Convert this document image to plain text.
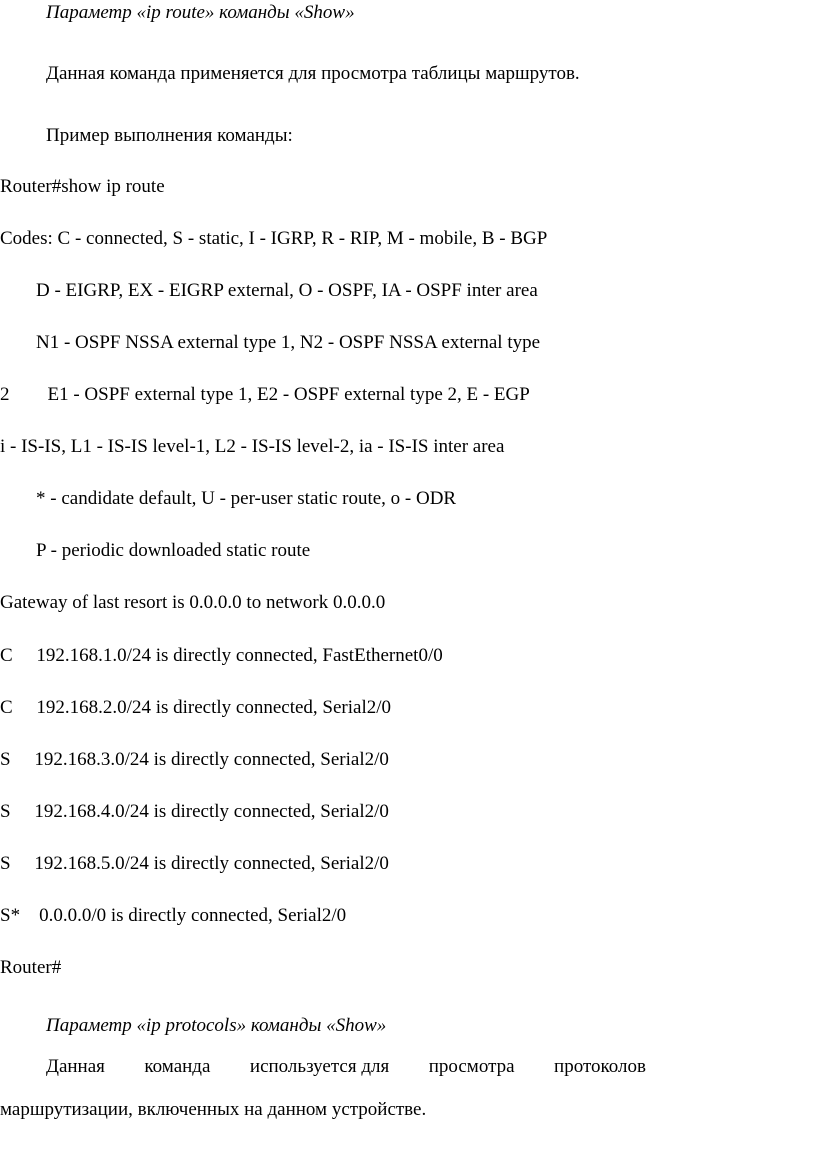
Параметр «ip route» команды «Show»
Данная команда применяется для просмотра таблицы маршрутов.
Пример выполнения команды:
Router#show ip route
Codes: C - connected, S - static, I - IGRP, R - RIP, M - mobile, B - BGP
D - EIGRP, EX - EIGRP external, O - OSPF, IA - OSPF inter area
N1 - OSPF NSSA external type 1, N2 - OSPF NSSA external type
2        E1 - OSPF external type 1, E2 - OSPF external type 2, E - EGP
i - IS-IS, L1 - IS-IS level-1, L2 - IS-IS level-2, ia - IS-IS inter area
* - candidate default, U - per-user static route, o - ODR
P - periodic downloaded static route
Gateway of last resort is 0.0.0.0 to network 0.0.0.0
C     192.168.1.0/24 is directly connected, FastEthernet0/0
C     192.168.2.0/24 is directly connected, Serial2/0
S     192.168.3.0/24 is directly connected, Serial2/0
S     192.168.4.0/24 is directly connected, Serial2/0
S     192.168.5.0/24 is directly connected, Serial2/0
S*    0.0.0.0/0 is directly connected, Serial2/0
Router#
Параметр «ip protocols» команды «Show»
Данная команда используется для просмотра протоколов
маршрутизации, включенных на данном устройстве.
